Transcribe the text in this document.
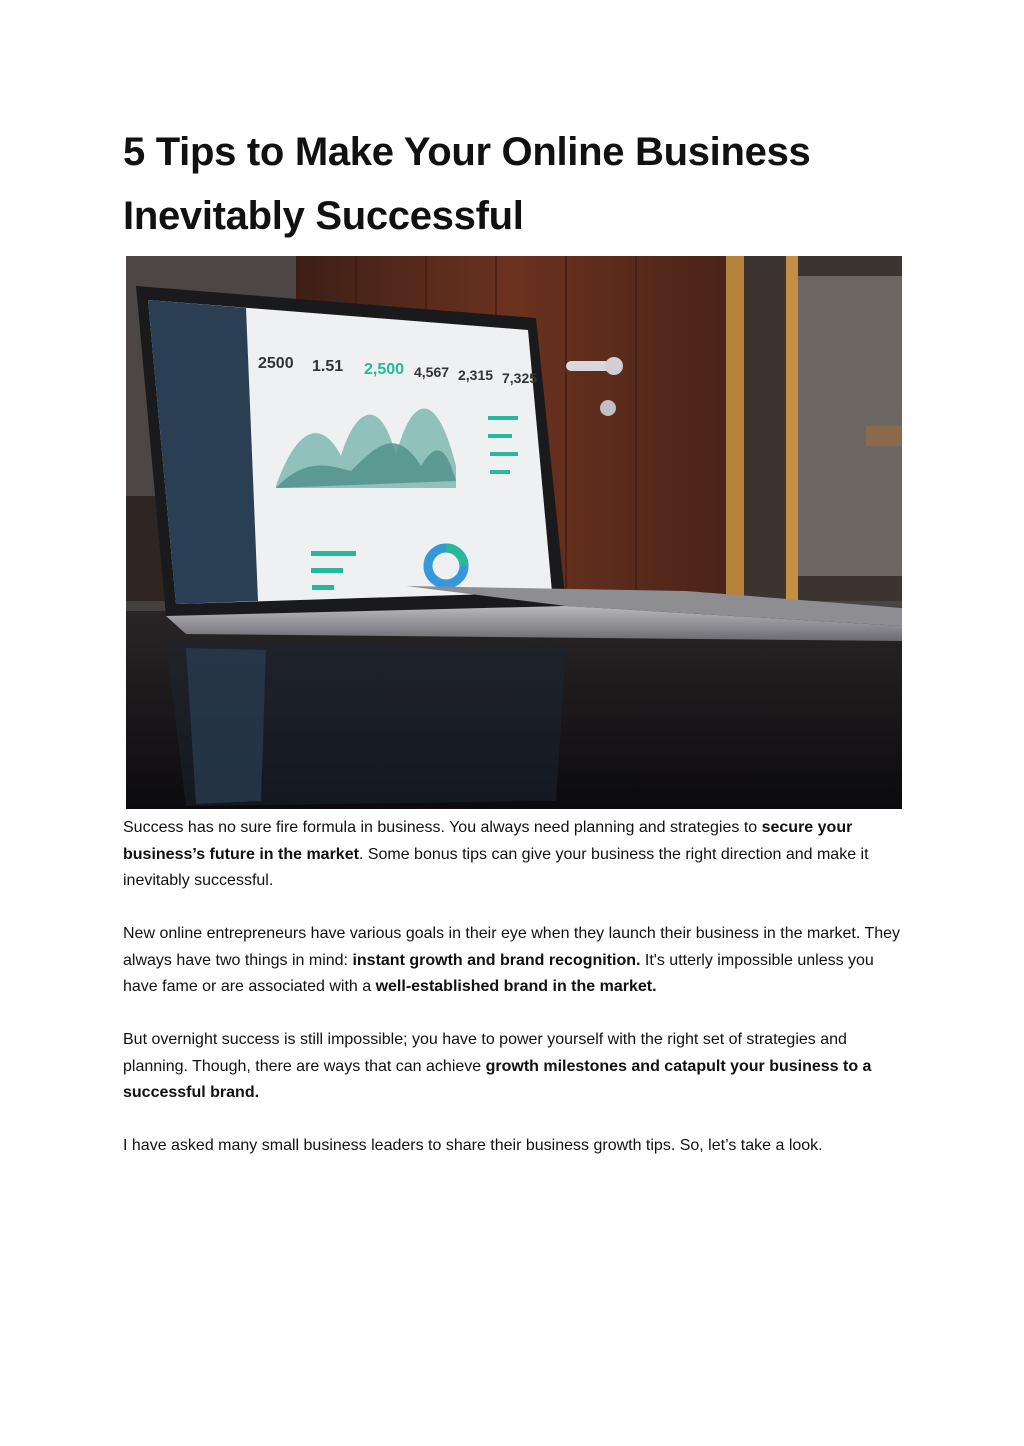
5 Tips to Make Your Online Business
Inevitably Successful
2500 1.51 2,500 4,567 2,315 7,325

Success has no sure fire formula in business. You always need planning and strategies to secure your business’s future in the market. Some bonus tips can give your business the right direction and make it inevitably successful.

New online entrepreneurs have various goals in their eye when they launch their business in the market. They always have two things in mind: instant growth and brand recognition. It's utterly impossible unless you have fame or are associated with a well-established brand in the market.

But overnight success is still impossible; you have to power yourself with the right set of strategies and planning. Though, there are ways that can achieve growth milestones and catapult your business to a successful brand.

I have asked many small business leaders to share their business growth tips. So, let’s take a look.
